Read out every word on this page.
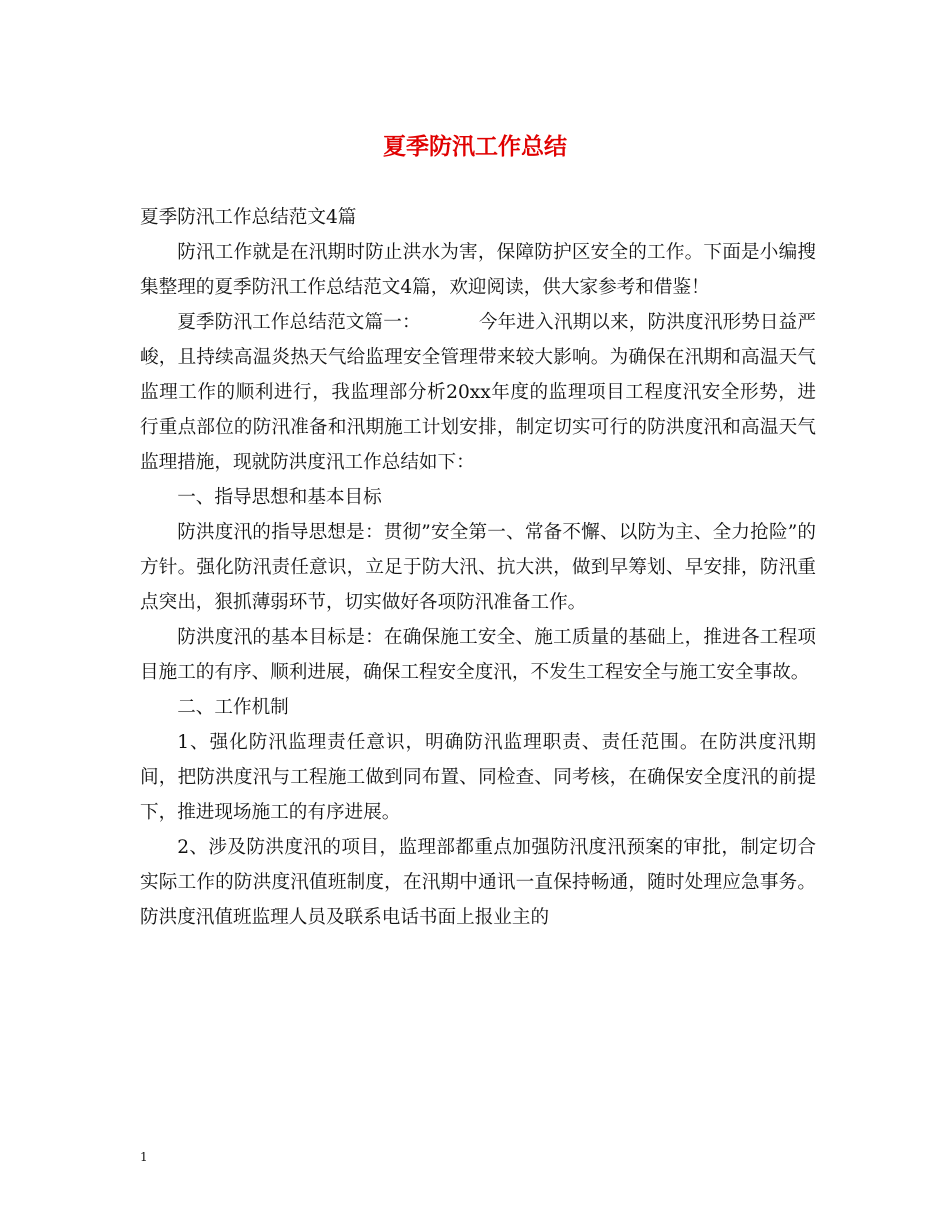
夏季防汛工作总结

夏季防汛工作总结范文4篇

防汛工作就是在汛期时防止洪水为害，保障防护区安全的工作。下面是小编搜集整理的夏季防汛工作总结范文4篇，欢迎阅读，供大家参考和借鉴！

夏季防汛工作总结范文篇一：	今年进入汛期以来，防洪度汛形势日益严峻，且持续高温炎热天气给监理安全管理带来较大影响。为确保在汛期和高温天气监理工作的顺利进行，我监理部分析20xx年度的监理项目工程度汛安全形势，进行重点部位的防汛准备和汛期施工计划安排，制定切实可行的防洪度汛和高温天气监理措施，现就防洪度汛工作总结如下：

一、指导思想和基本目标

防洪度汛的指导思想是：贯彻”安全第一、常备不懈、以防为主、全力抢险”的方针。强化防汛责任意识，立足于防大汛、抗大洪，做到早筹划、早安排，防汛重点突出，狠抓薄弱环节，切实做好各项防汛准备工作。

防洪度汛的基本目标是：在确保施工安全、施工质量的基础上，推进各工程项目施工的有序、顺利进展，确保工程安全度汛，不发生工程安全与施工安全事故。

二、工作机制

1、强化防汛监理责任意识，明确防汛监理职责、责任范围。在防洪度汛期间，把防洪度汛与工程施工做到同布置、同检查、同考核，在确保安全度汛的前提下，推进现场施工的有序进展。

2、涉及防洪度汛的项目，监理部都重点加强防汛度汛预案的审批，制定切合实际工作的防洪度汛值班制度，在汛期中通讯一直保持畅通，随时处理应急事务。防洪度汛值班监理人员及联系电话书面上报业主的

1
